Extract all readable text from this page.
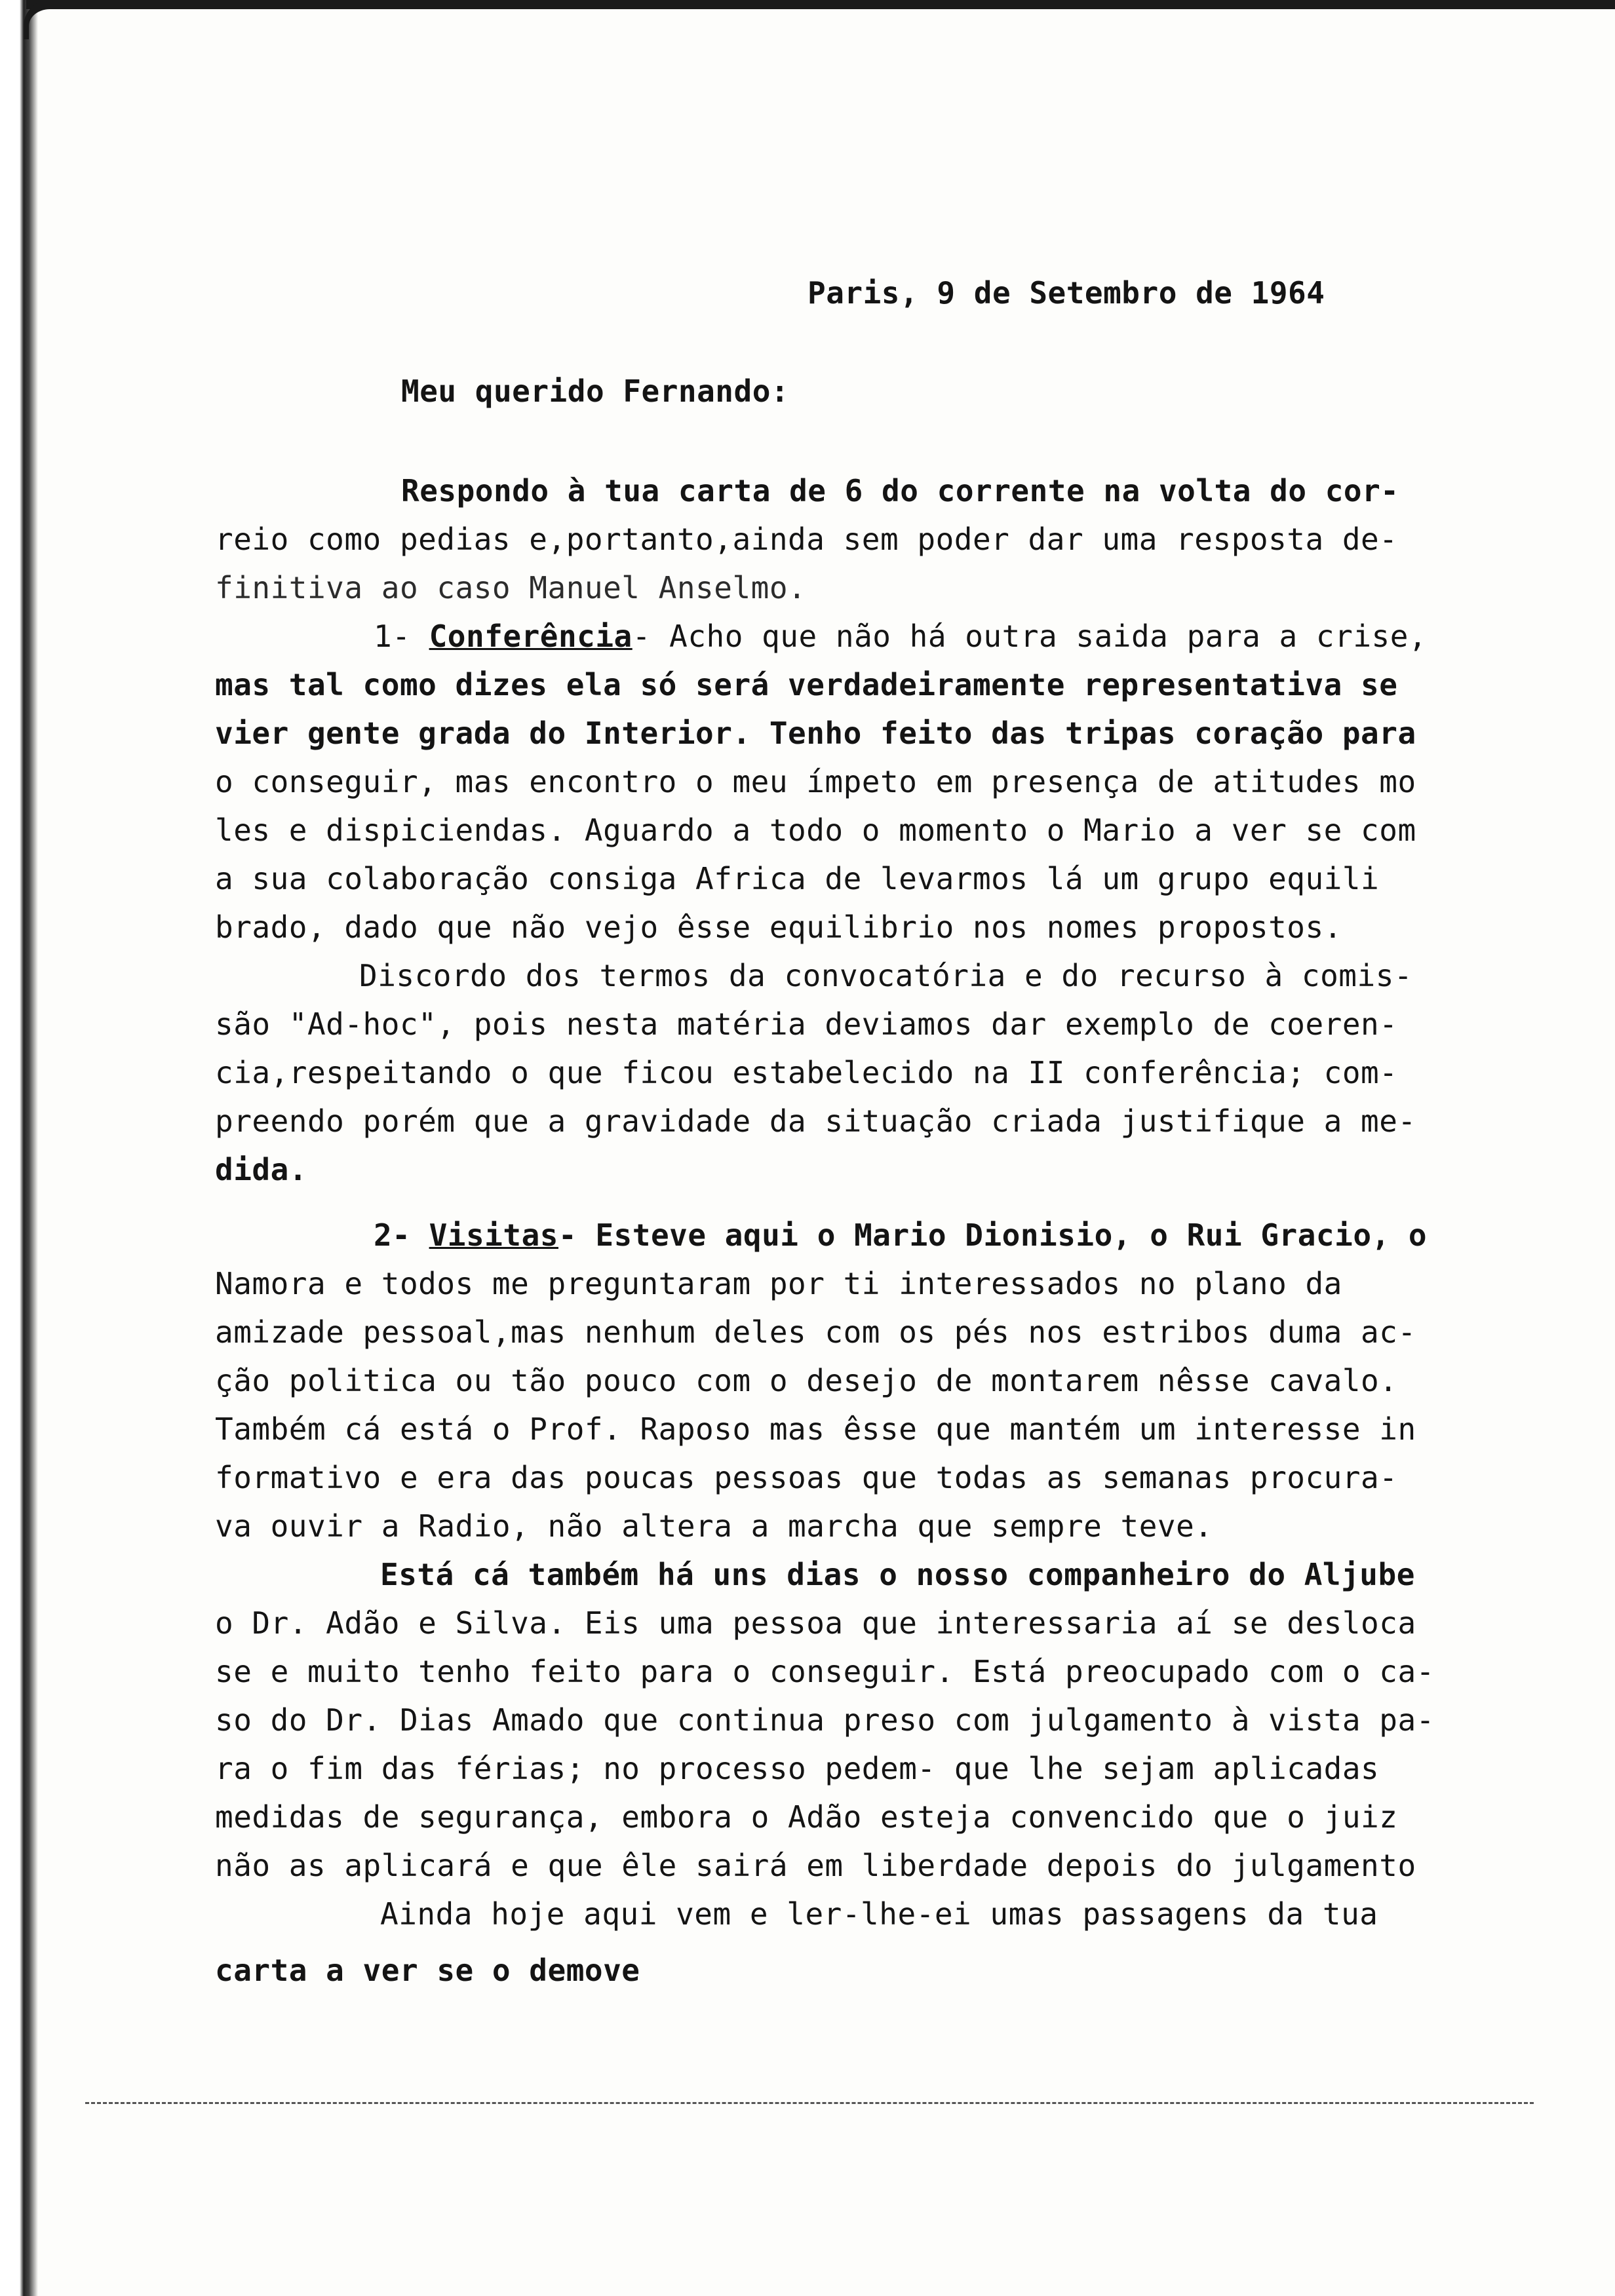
Paris, 9 de Setembro de 1964
Meu querido Fernando:
Respondo à tua carta de 6 do corrente na volta do cor-
reio como pedias e,portanto,ainda sem poder dar uma resposta de-
finitiva ao caso Manuel Anselmo.
1- Conferência- Acho que não há outra saida para a crise,
mas tal como dizes ela só será verdadeiramente representativa se
vier gente grada do Interior. Tenho feito das tripas coração para
o conseguir, mas encontro o meu ímpeto em presença de atitudes mo
les e dispiciendas. Aguardo a todo o momento o Mario a ver se com
a sua colaboração consiga Africa de levarmos lá um grupo equili
brado, dado que não vejo êsse equilibrio nos nomes propostos.
Discordo dos termos da convocatória e do recurso à comis-
são "Ad-hoc", pois nesta matéria deviamos dar exemplo de coeren-
cia,respeitando o que ficou estabelecido na II conferência; com-
preendo porém que a gravidade da situação criada justifique a me-
dida.
2- Visitas- Esteve aqui o Mario Dionisio, o Rui Gracio, o
Namora e todos me preguntaram por ti interessados no plano da
amizade pessoal,mas nenhum deles com os pés nos estribos duma ac-
ção politica ou tão pouco com o desejo de montarem nêsse cavalo.
Também cá está o Prof. Raposo mas êsse que mantém um interesse in
formativo e era das poucas pessoas que todas as semanas procura-
va ouvir a Radio, não altera a marcha que sempre teve.
Está cá também há uns dias o nosso companheiro do Aljube
o Dr. Adão e Silva. Eis uma pessoa que interessaria aí se desloca
se e muito tenho feito para o conseguir. Está preocupado com o ca-
so do Dr. Dias Amado que continua preso com julgamento à vista pa-
ra o fim das férias; no processo pedem- que lhe sejam aplicadas
medidas de segurança, embora o Adão esteja convencido que o juiz
não as aplicará e que êle sairá em liberdade depois do julgamento
Ainda hoje aqui vem e ler-lhe-ei umas passagens da tua
carta a ver se o demove
